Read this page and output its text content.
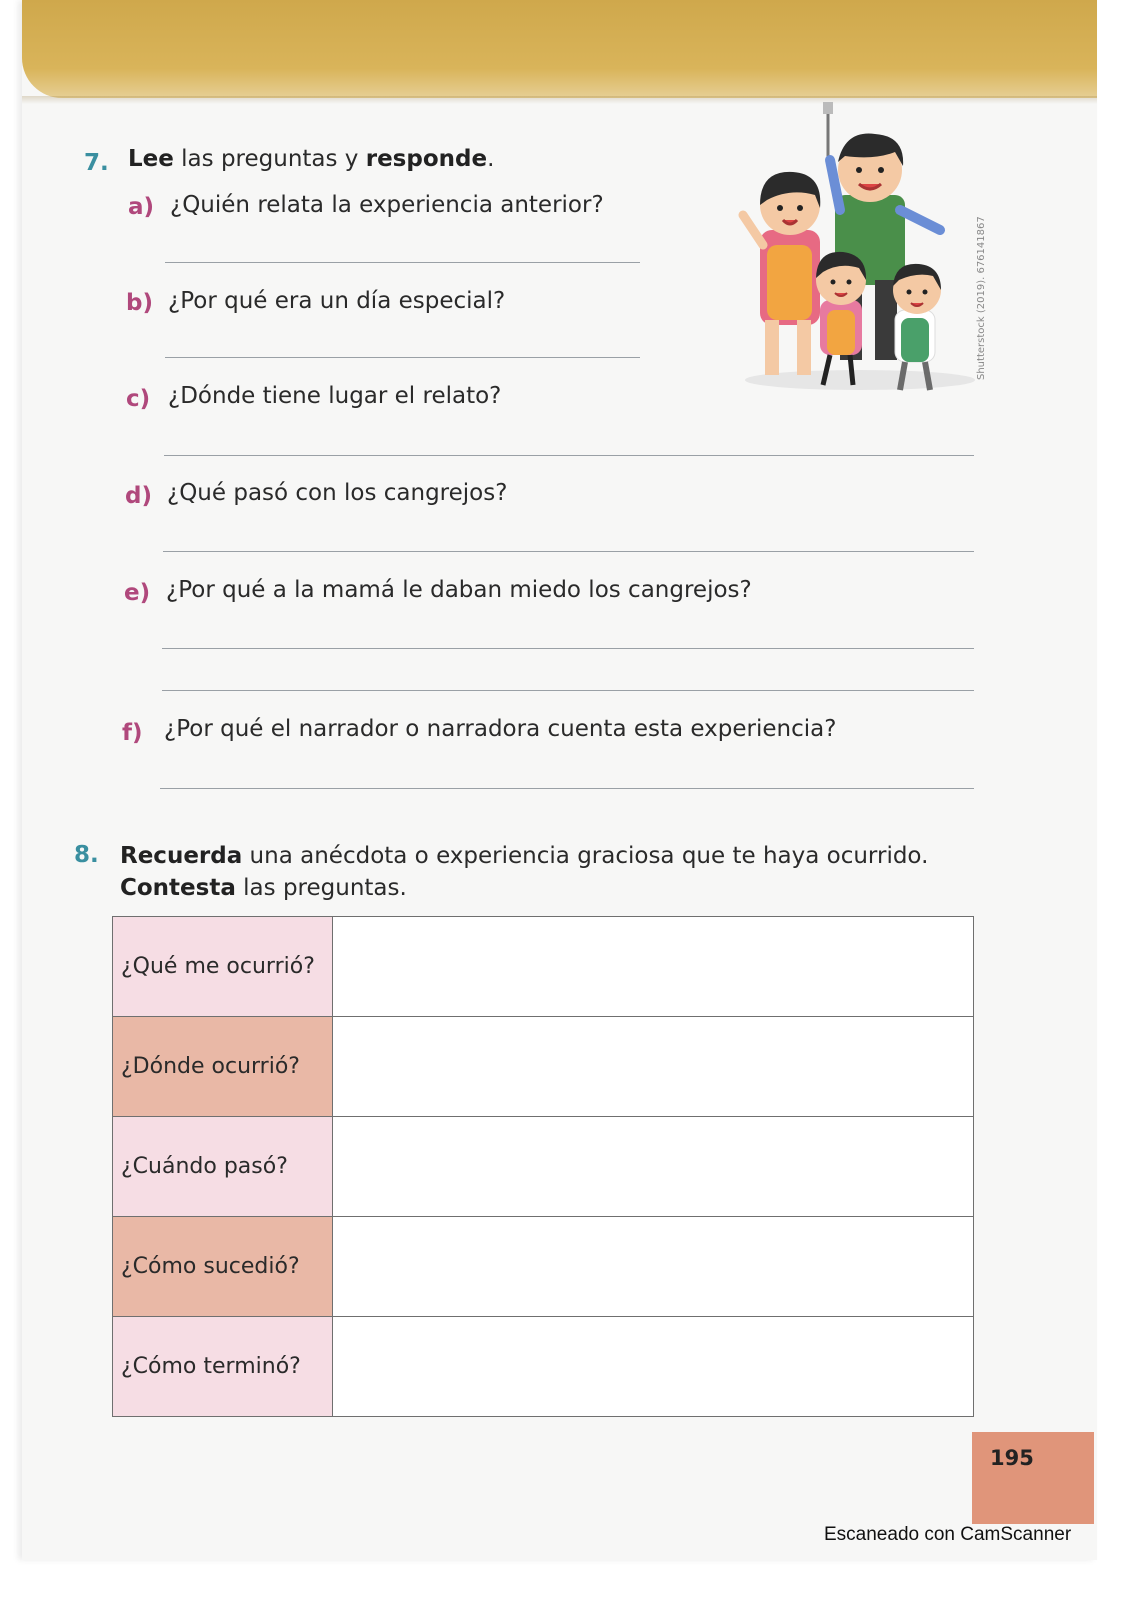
7. Lee las preguntas y responde.
a) ¿Quién relata la experiencia anterior?
b) ¿Por qué era un día especial?
c) ¿Dónde tiene lugar el relato?
d) ¿Qué pasó con los cangrejos?
e) ¿Por qué a la mamá le daban miedo los cangrejos?
f) ¿Por qué el narrador o narradora cuenta esta experiencia?
Shutterstock (2019). 676141867
8. Recuerda una anécdota o experiencia graciosa que te haya ocurrido.
Contesta las preguntas.
¿Qué me ocurrió?	
¿Dónde ocurrió?	
¿Cuándo pasó?	
¿Cómo sucedió?	
¿Cómo terminó?	
195
Escaneado con CamScanner
